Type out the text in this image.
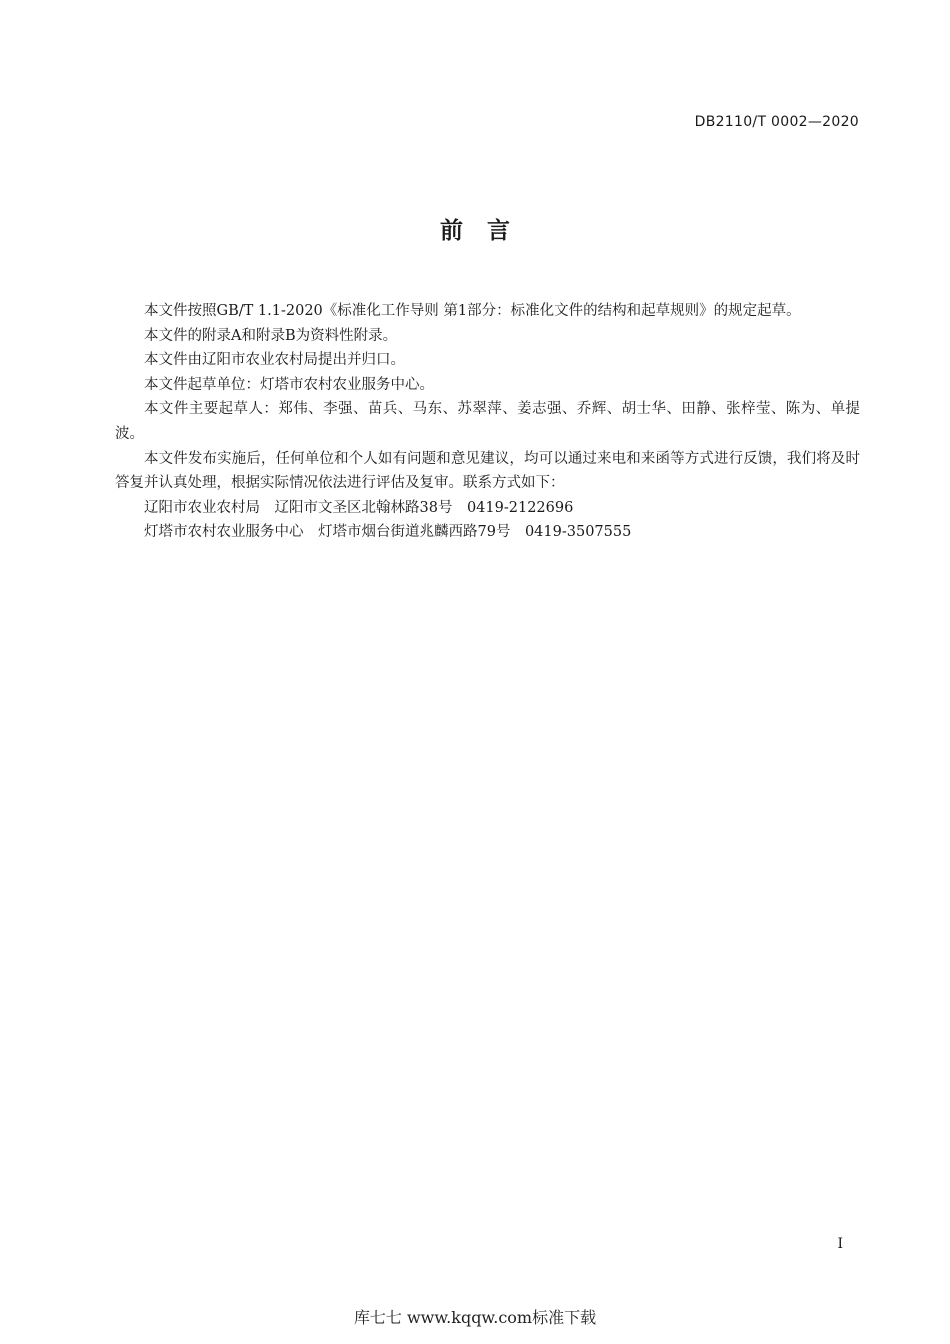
DB2110/T 0002—2020
前言

本文件按照GB/T 1.1-2020《标准化工作导则 第1部分：标准化文件的结构和起草规则》的规定起草。

本文件的附录A和附录B为资料性附录。

本文件由辽阳市农业农村局提出并归口。

本文件起草单位：灯塔市农村农业服务中心。

本文件主要起草人：郑伟、李强、苗兵、马东、苏翠萍、姜志强、乔辉、胡士华、田静、张梓莹、陈为、单提波。

本文件发布实施后，任何单位和个人如有问题和意见建议，均可以通过来电和来函等方式进行反馈，我们将及时答复并认真处理，根据实际情况依法进行评估及复审。联系方式如下：

辽阳市农业农村局　辽阳市文圣区北翰林路38号　0419-2122696

灯塔市农村农业服务中心　灯塔市烟台街道兆麟西路79号　0419-3507555

I
库七七 www.kqqw.com标准下载
